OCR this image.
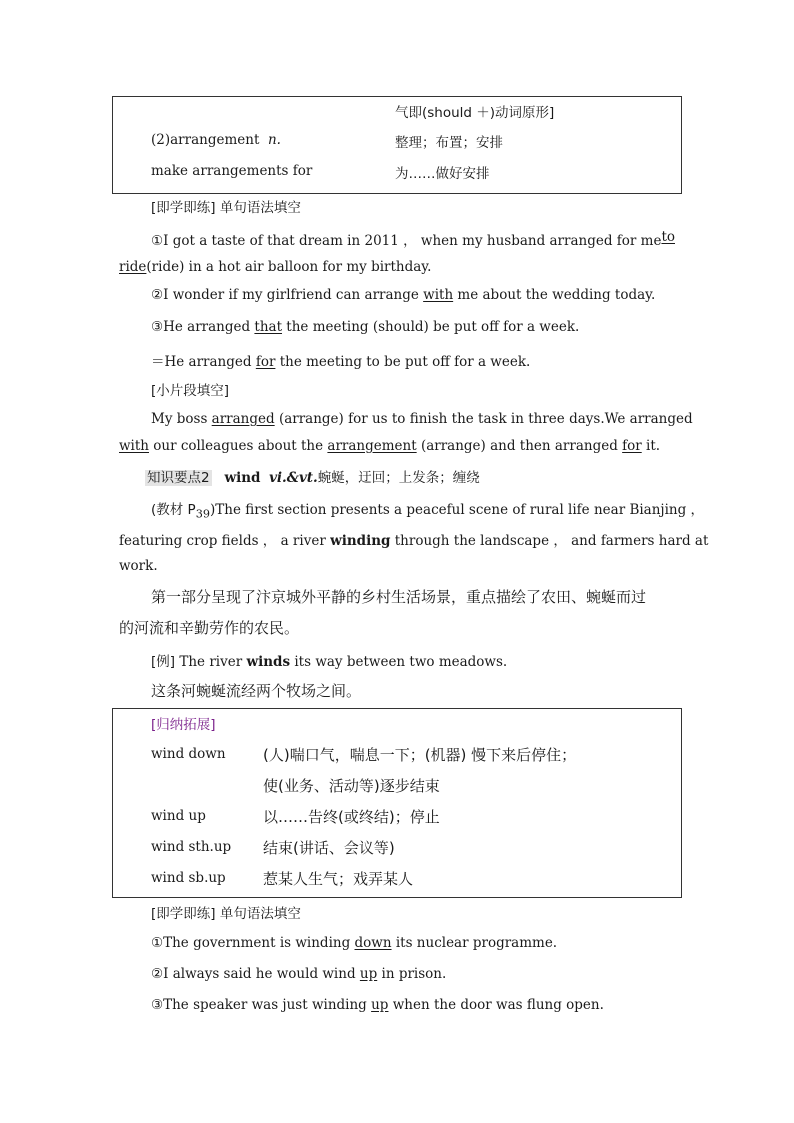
气即(should ＋)动词原形]
(2)arrangement  n.	整理；布置；安排
make arrangements for	为……做好安排
[即学即练] 单句语法填空
①I got a taste of that dream in 2011 ， when my husband arranged for me to
ride(ride) in a hot air balloon for my birthday.
②I wonder if my girlfriend can arrange with me about the wedding today.
③He arranged that the meeting (should) be put off for a week.
＝He arranged for the meeting to be put off for a week.
[小片段填空]
My boss arranged (arrange) for us to finish the task in three days.We arranged
with our colleagues about the arrangement (arrange) and then arranged for it.
知识要点2 wind vi.&vt.蜿蜒，迂回；上发条；缠绕
(教材 $P_{39})The$ first section presents a peaceful scene of rural life near Bianjing ，
featuring crop fields ， a river winding through the landscape ， and farmers hard at
work.
第一部分呈现了汴京城外平静的乡村生活场景，重点描绘了农田、蜿蜒而过
的河流和辛勤劳作的农民。
[例] The river winds its way between two meadows.
这条河蜿蜒流经两个牧场之间。
[归纳拓展]
wind down (人)喘口气，喘息一下；(机器) 慢下来后停住；
使(业务、活动等)逐步结束
wind up	以……告终(或终结)；停止
wind sth.up 结束(讲话、会议等)
wind sb.up 惹某人生气；戏弄某人
[即学即练] 单句语法填空
①The government is winding down its nuclear programme.
②I always said he would wind up in prison.
③The speaker was just winding up when the door was flung open.
